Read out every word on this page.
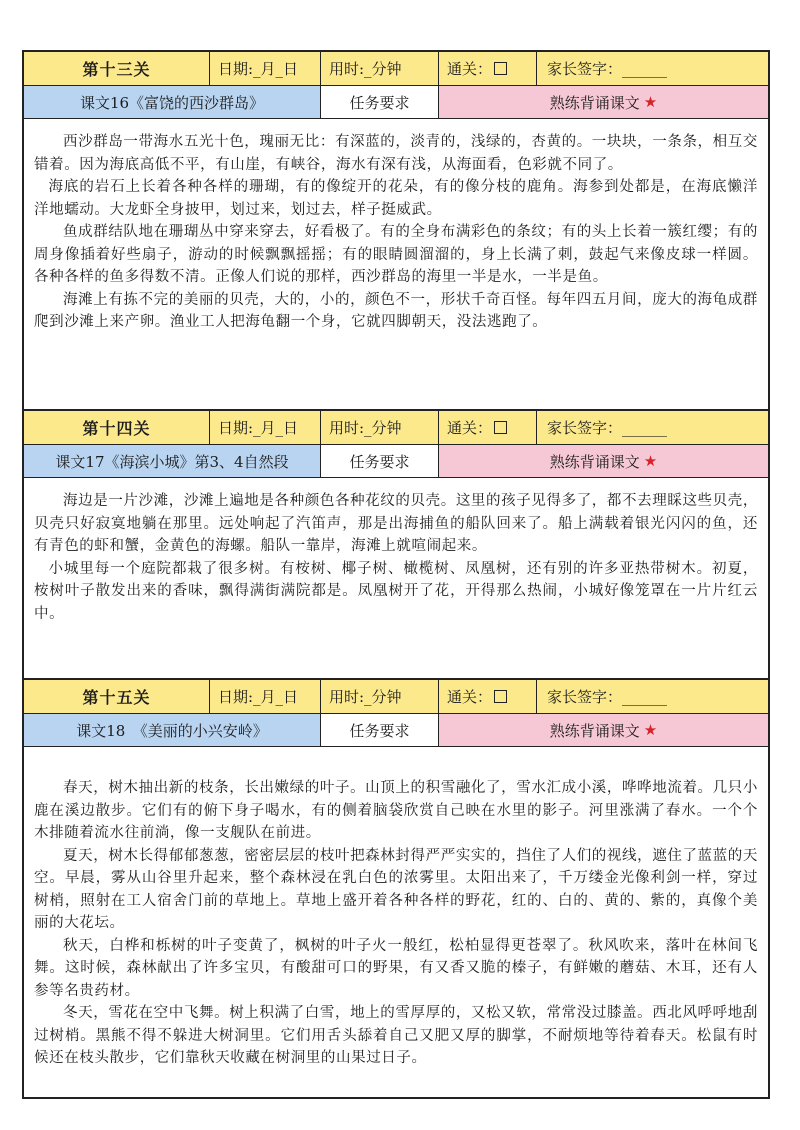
第十三关	日期:_月_日	用时:_分钟	通关：	家长签字：______
课文16《富饶的西沙群岛》	任务要求	熟练背诵课文 ★

西沙群岛一带海水五光十色，瑰丽无比：有深蓝的，淡青的，浅绿的，杏黄的。一块块，一条条，相互交错着。因为海底高低不平，有山崖，有峡谷，海水有深有浅，从海面看，色彩就不同了。

海底的岩石上长着各种各样的珊瑚，有的像绽开的花朵，有的像分枝的鹿角。海参到处都是，在海底懒洋洋地蠕动。大龙虾全身披甲，划过来，划过去，样子挺威武。

鱼成群结队地在珊瑚丛中穿来穿去，好看极了。有的全身布满彩色的条纹；有的头上长着一簇红缨；有的周身像插着好些扇子，游动的时候飘飘摇摇；有的眼睛圆溜溜的，身上长满了刺，鼓起气来像皮球一样圆。各种各样的鱼多得数不清。正像人们说的那样，西沙群岛的海里一半是水，一半是鱼。

海滩上有拣不完的美丽的贝壳，大的，小的，颜色不一，形状千奇百怪。每年四五月间，庞大的海龟成群爬到沙滩上来产卵。渔业工人把海龟翻一个身，它就四脚朝天，没法逃跑了。

第十四关	日期:_月_日	用时:_分钟	通关：	家长签字：______
课文17《海滨小城》第3、4自然段	任务要求	熟练背诵课文 ★

海边是一片沙滩，沙滩上遍地是各种颜色各种花纹的贝壳。这里的孩子见得多了，都不去理睬这些贝壳，贝壳只好寂寞地躺在那里。远处响起了汽笛声，那是出海捕鱼的船队回来了。船上满载着银光闪闪的鱼，还有青色的虾和蟹，金黄色的海螺。船队一靠岸，海滩上就喧闹起来。

小城里每一个庭院都栽了很多树。有桉树、椰子树、橄榄树、凤凰树，还有别的许多亚热带树木。初夏，桉树叶子散发出来的香味，飘得满街满院都是。凤凰树开了花，开得那么热闹，小城好像笼罩在一片片红云中。

第十五关	日期:_月_日	用时:_分钟	通关：	家长签字：______
课文18　《美丽的小兴安岭》	任务要求	熟练背诵课文 ★

春天，树木抽出新的枝条，长出嫩绿的叶子。山顶上的积雪融化了，雪水汇成小溪，哗哗地流着。几只小鹿在溪边散步。它们有的俯下身子喝水，有的侧着脑袋欣赏自己映在水里的影子。河里涨满了春水。一个个木排随着流水往前淌，像一支舰队在前进。

夏天，树木长得郁郁葱葱，密密层层的枝叶把森林封得严严实实的，挡住了人们的视线，遮住了蓝蓝的天空。早晨，雾从山谷里升起来，整个森林浸在乳白色的浓雾里。太阳出来了，千万缕金光像利剑一样，穿过树梢，照射在工人宿舍门前的草地上。草地上盛开着各种各样的野花，红的、白的、黄的、紫的，真像个美丽的大花坛。

秋天，白桦和栎树的叶子变黄了，枫树的叶子火一般红，松柏显得更苍翠了。秋风吹来，落叶在林间飞舞。这时候，森林献出了许多宝贝，有酸甜可口的野果，有又香又脆的榛子，有鲜嫩的蘑菇、木耳，还有人参等名贵药材。

冬天，雪花在空中飞舞。树上积满了白雪，地上的雪厚厚的，又松又软，常常没过膝盖。西北风呼呼地刮过树梢。黑熊不得不躲进大树洞里。它们用舌头舔着自己又肥又厚的脚掌，不耐烦地等待着春天。松鼠有时候还在枝头散步，它们靠秋天收藏在树洞里的山果过日子。
